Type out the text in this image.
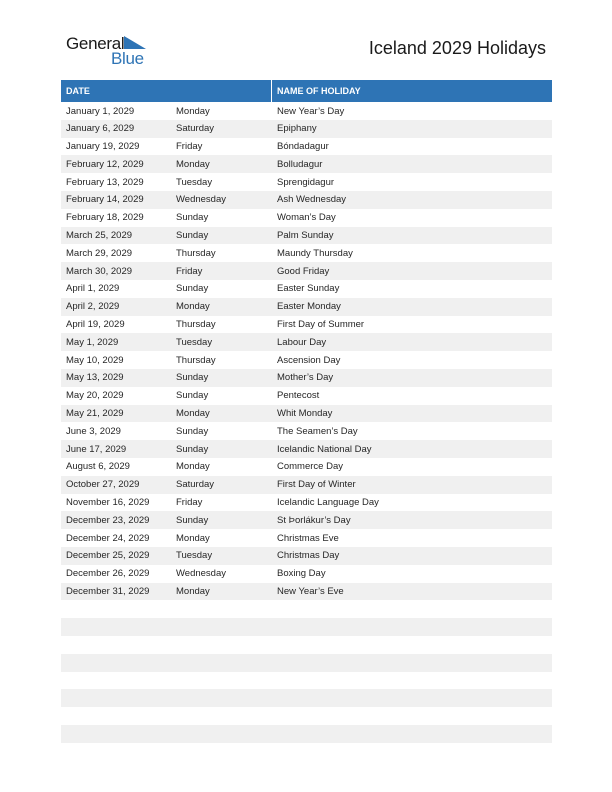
General
Blue
Iceland 2029 Holidays
DATE	NAME OF HOLIDAY
January 1, 2029	Monday	New Year’s Day
January 6, 2029	Saturday	Epiphany
January 19, 2029	Friday	Bóndadagur
February 12, 2029	Monday	Bolludagur
February 13, 2029	Tuesday	Sprengidagur
February 14, 2029	Wednesday	Ash Wednesday
February 18, 2029	Sunday	Woman’s Day
March 25, 2029	Sunday	Palm Sunday
March 29, 2029	Thursday	Maundy Thursday
March 30, 2029	Friday	Good Friday
April 1, 2029	Sunday	Easter Sunday
April 2, 2029	Monday	Easter Monday
April 19, 2029	Thursday	First Day of Summer
May 1, 2029	Tuesday	Labour Day
May 10, 2029	Thursday	Ascension Day
May 13, 2029	Sunday	Mother’s Day
May 20, 2029	Sunday	Pentecost
May 21, 2029	Monday	Whit Monday
June 3, 2029	Sunday	The Seamen’s Day
June 17, 2029	Sunday	Icelandic National Day
August 6, 2029	Monday	Commerce Day
October 27, 2029	Saturday	First Day of Winter
November 16, 2029	Friday	Icelandic Language Day
December 23, 2029	Sunday	St Þorlákur’s Day
December 24, 2029	Monday	Christmas Eve
December 25, 2029	Tuesday	Christmas Day
December 26, 2029	Wednesday	Boxing Day
December 31, 2029	Monday	New Year’s Eve
